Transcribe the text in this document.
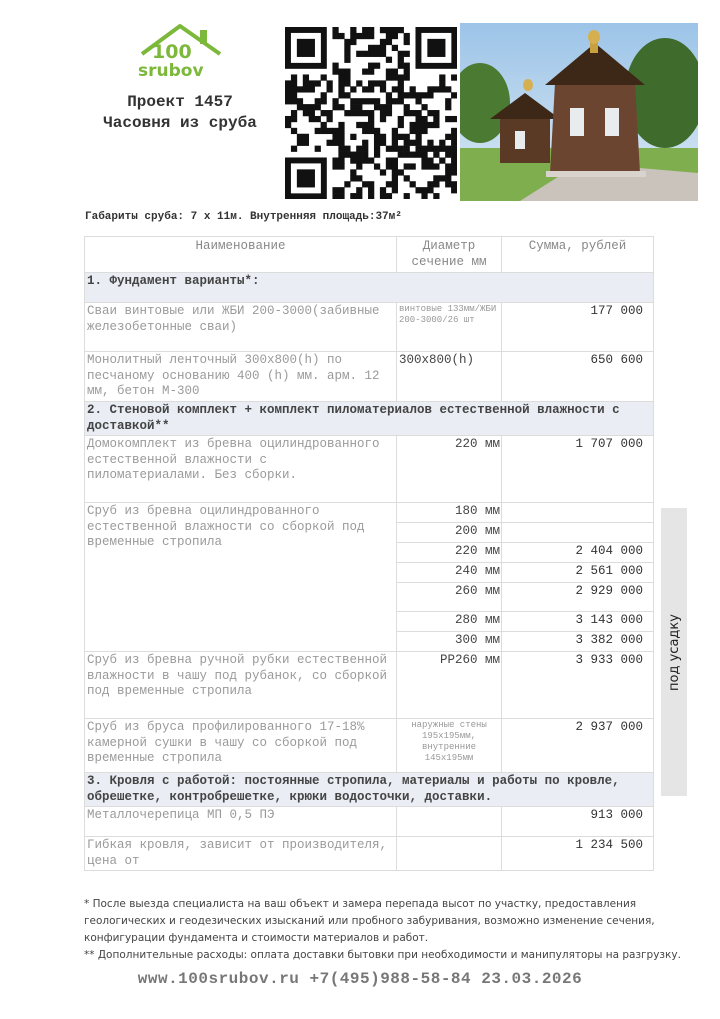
100
srubov
Проект 1457
Часовня из сруба
Габариты сруба: 7 х 11м. Внутренняя площадь:37м²
Наименование	Диаметр сечение мм	Сумма, рублей
1. Фундамент варианты*:		
Сваи винтовые или ЖБИ 200-3000(забивные железобетонные сваи)	винтовые 133мм/ЖБИ 200-3000/26 шт	177 000
Монолитный ленточный 300х800(h) по песчаному основанию 400 (h) мм. арм. 12 мм, бетон М-300	300х800(h)	650 600
2. Стеновой комплект + комплект пиломатериалов естественной влажности с доставкой**		
Домокомплект из бревна оцилиндрованного естественной влажности с пиломатериалами. Без сборки.	220 мм	1 707 000
Сруб из бревна оцилиндрованного естественной влажности со сборкой под временные стропила	180 мм	
	200 мм	
	220 мм	2 404 000
	240 мм	2 561 000
	260 мм	2 929 000
	280 мм	3 143 000
	300 мм	3 382 000
Сруб из бревна ручной рубки естественной влажности в чашу под рубанок, со сборкой под временные стропила	РР260 мм	3 933 000
Сруб из бруса профилированного 17-18% камерной сушки в чашу со сборкой под временные стропила	наружные стены 195х195мм, внутренние 145х195мм	2 937 000
3. Кровля с работой: постоянные стропила, материалы и работы по кровле, обрешетке, контробрешетке, крюки водосточки, доставки.		
Металлочерепица МП 0,5 ПЭ		913 000
Гибкая кровля, зависит от производителя, цена от		1 234 500
под усадку
* После выезда специалиста на ваш объект и замера перепада высот по участку, предоставления геологических и геодезических изысканий или пробного забуривания, возможно изменение сечения, конфигурации фундамента и стоимости материалов и работ.
** Дополнительные расходы: оплата доставки бытовки при необходимости и манипуляторы на разгрузку.
www.100srubov.ru +7(495)988-58-84 23.03.2026
